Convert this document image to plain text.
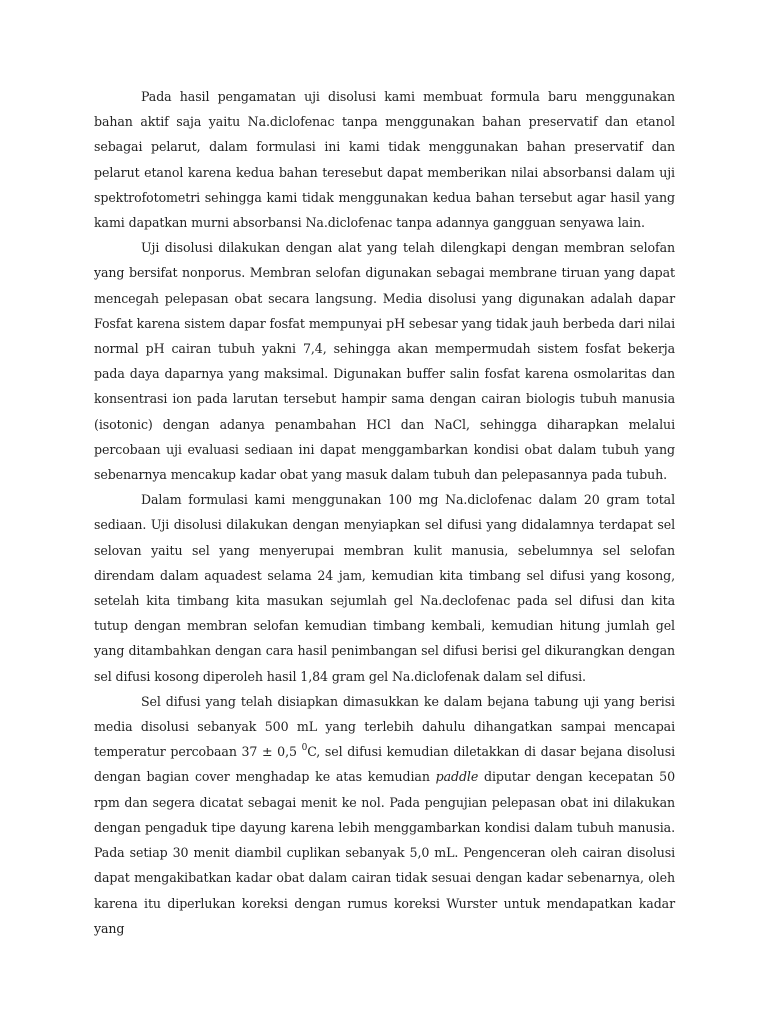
Pada hasil pengamatan uji disolusi kami membuat formula baru menggunakan bahan aktif saja yaitu Na.diclofenac tanpa menggunakan bahan preservatif dan etanol sebagai pelarut, dalam formulasi ini kami tidak menggunakan bahan preservatif dan pelarut etanol karena kedua bahan teresebut dapat memberikan nilai absorbansi dalam uji spektrofotometri sehingga kami tidak menggunakan kedua bahan tersebut agar hasil yang kami dapatkan murni absorbansi Na.diclofenac tanpa adannya gangguan senyawa lain.

Uji disolusi dilakukan dengan alat yang telah dilengkapi dengan membran selofan yang bersifat nonporus. Membran selofan digunakan sebagai membrane tiruan yang dapat mencegah pelepasan obat secara langsung. Media disolusi yang digunakan adalah dapar Fosfat karena sistem dapar fosfat mempunyai pH sebesar yang tidak jauh berbeda dari nilai normal pH cairan tubuh yakni 7,4, sehingga akan mempermudah sistem fosfat bekerja pada daya daparnya yang maksimal. Digunakan buffer salin fosfat karena osmolaritas dan konsentrasi ion pada larutan tersebut hampir sama dengan cairan biologis tubuh manusia (isotonic) dengan adanya penambahan HCl dan NaCl, sehingga diharapkan melalui percobaan uji evaluasi sediaan ini dapat menggambarkan kondisi obat dalam tubuh yang sebenarnya mencakup kadar obat yang masuk dalam tubuh dan pelepasannya pada tubuh.

Dalam formulasi kami menggunakan 100 mg Na.diclofenac dalam 20 gram total sediaan. Uji disolusi dilakukan dengan menyiapkan sel difusi yang didalamnya terdapat sel selovan yaitu sel yang menyerupai membran kulit manusia, sebelumnya sel selofan direndam dalam aquadest selama 24 jam, kemudian kita timbang sel difusi yang kosong, setelah kita timbang kita masukan sejumlah gel Na.declofenac pada sel difusi dan kita tutup dengan membran selofan kemudian timbang kembali, kemudian hitung jumlah gel yang ditambahkan dengan cara hasil penimbangan sel difusi berisi gel dikurangkan dengan sel difusi kosong diperoleh hasil 1,84 gram gel Na.diclofenak dalam sel difusi.

Sel difusi yang telah disiapkan dimasukkan ke dalam bejana tabung uji yang berisi media disolusi sebanyak 500 mL yang terlebih dahulu dihangatkan sampai mencapai temperatur percobaan 37 ± 0,5 $^0$C, sel difusi kemudian diletakkan di dasar bejana disolusi dengan bagian cover menghadap ke atas kemudian paddle diputar dengan kecepatan 50 rpm dan segera dicatat sebagai menit ke nol. Pada pengujian pelepasan obat ini dilakukan dengan pengaduk tipe dayung karena lebih menggambarkan kondisi dalam tubuh manusia. Pada setiap 30 menit diambil cuplikan sebanyak 5,0 mL. Pengenceran oleh cairan disolusi dapat mengakibatkan kadar obat dalam cairan tidak sesuai dengan kadar sebenarnya, oleh karena itu diperlukan koreksi dengan rumus koreksi Wurster untuk mendapatkan kadar yang
